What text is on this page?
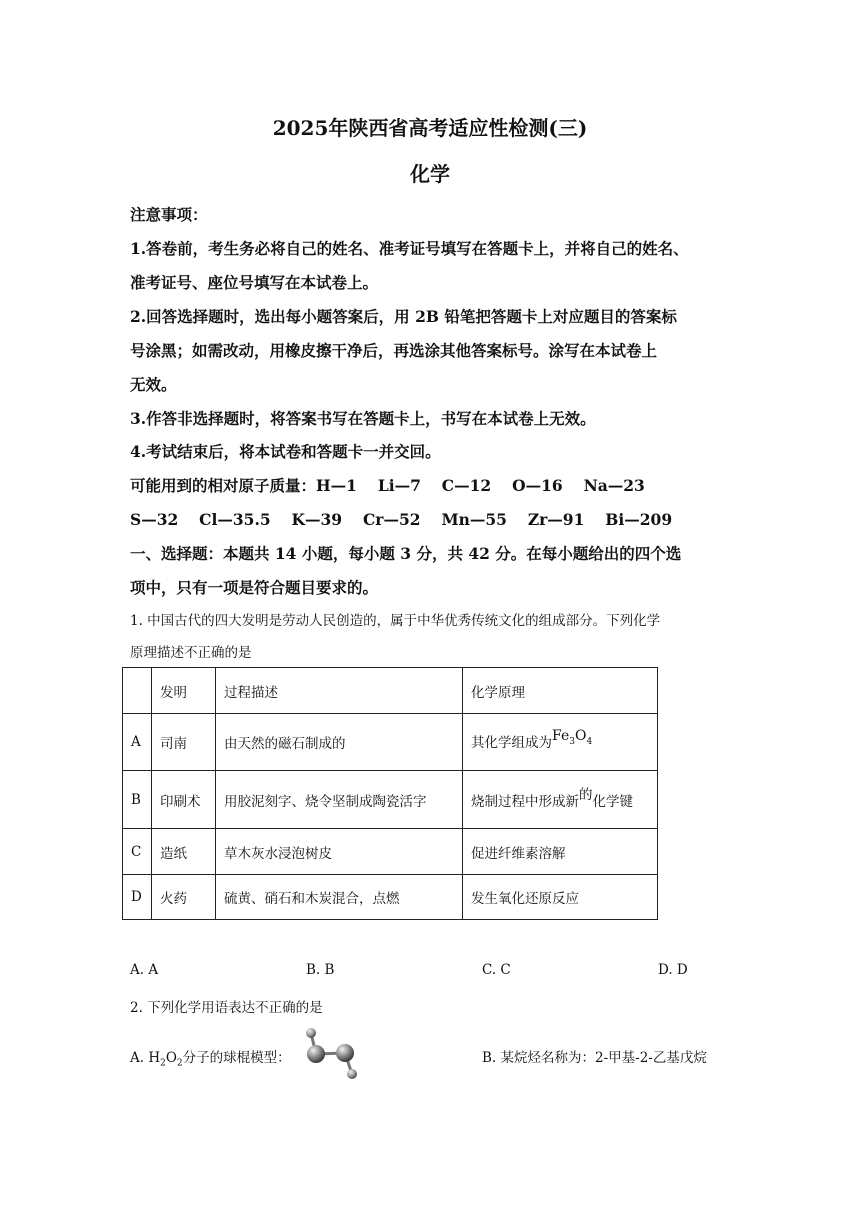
2025年陕西省高考适应性检测(三)
化学
注意事项：
1.答卷前，考生务必将自己的姓名、准考证号填写在答题卡上，并将自己的姓名、
准考证号、座位号填写在本试卷上。
2.回答选择题时，选出每小题答案后，用 2B 铅笔把答题卡上对应题目的答案标
号涂黑；如需改动，用橡皮擦干净后，再选涂其他答案标号。涂写在本试卷上
无效。
3.作答非选择题时，将答案书写在答题卡上，书写在本试卷上无效。
4.考试结束后，将本试卷和答题卡一并交回。
可能用到的相对原子质量：H—1　 Li—7　 C—12　 O—16　 Na—23
S—32　 Cl—35.5　 K—39　 Cr—52　 Mn—55　 Zr—91　 Bi—209
一、选择题：本题共 14 小题，每小题 3 分，共 42 分。在每小题给出的四个选
项中，只有一项是符合题目要求的。
1. 中国古代的四大发明是劳动人民创造的，属于中华优秀传统文化的组成部分。下列化学
原理描述不正确的是
	发明	过程描述	化学原理
A	司南	由天然的磁石制成的	其化学组成为$Fe_3O_4$
B	印刷术	用胶泥刻字、烧令坚制成陶瓷活字	烧制过程中形成新的化学键
C	造纸	草木灰水浸泡树皮	促进纤维素溶解
D	火药	硫黄、硝石和木炭混合，点燃	发生氧化还原反应
A. A	B. B	C. C	D. D
2. 下列化学用语表达不正确的是
A. $H_2O_2$分子的球棍模型：	B. 某烷烃名称为：2-甲基-2-乙基戊烷
